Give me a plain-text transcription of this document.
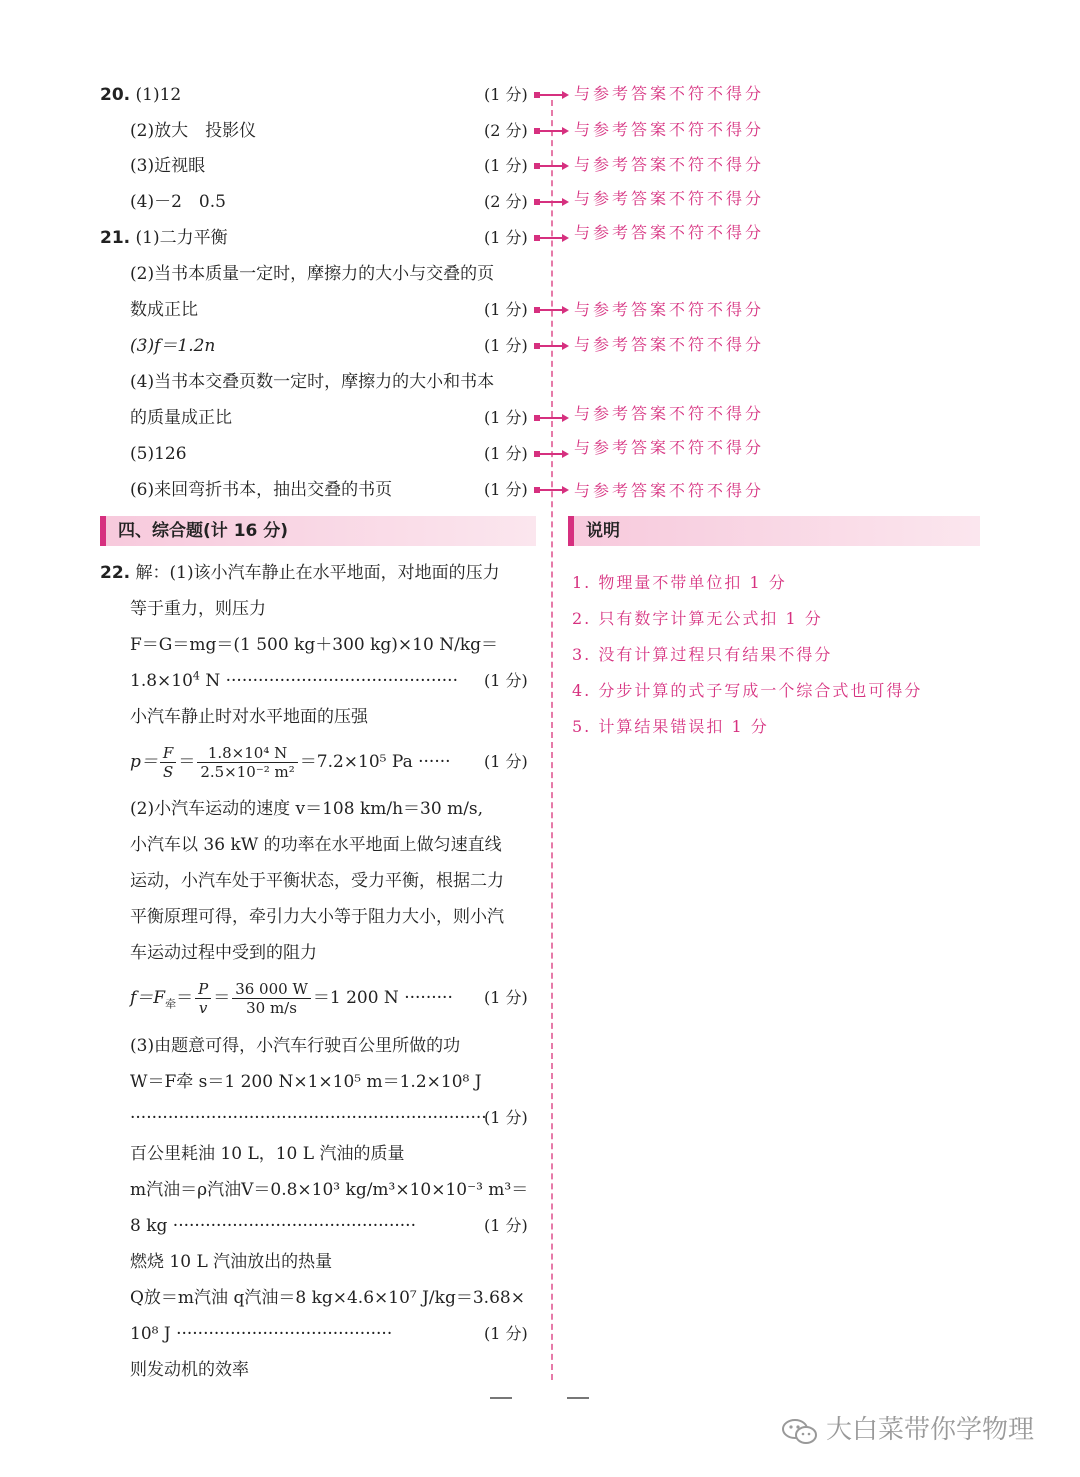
20. (1)12	(1 分)	与参考答案不符不得分
(2)放大　投影仪	(2 分)	与参考答案不符不得分
(3)近视眼	(1 分)	与参考答案不符不得分
(4)－2　0.5	(2 分)	与参考答案不符不得分
21. (1)二力平衡	(1 分)	与参考答案不符不得分
(2)当书本质量一定时，摩擦力的大小与交叠的页
数成正比	(1 分)	与参考答案不符不得分
(3)f＝1.2n	(1 分)	与参考答案不符不得分
(4)当书本交叠页数一定时，摩擦力的大小和书本
的质量成正比	(1 分)	与参考答案不符不得分
(5)126	(1 分)	与参考答案不符不得分
(6)来回弯折书本，抽出交叠的书页	(1 分)	与参考答案不符不得分
四、综合题(计 16 分)	说明
1. 物理量不带单位扣 1 分
2. 只有数字计算无公式扣 1 分
3. 没有计算过程只有结果不得分
4. 分步计算的式子写成一个综合式也可得分
5. 计算结果错误扣 1 分
22. 解：(1)该小汽车静止在水平地面，对地面的压力
等于重力，则压力
F＝G＝mg＝(1 500 kg＋300 kg)×10 N/kg＝
$1.8\times 10^4$ N ··········································· (1 分)
小汽车静止时对水平地面的压强
$p= \frac{F}{S} = \frac{\text{1.8×10⁴ N}}{\text{2.5×10⁻² m²}} =7.2\times 10^5$ Pa ······ (1 分)
(2)小汽车运动的速度 v＝108 km/h＝30 m/s,
小汽车以 36 kW 的功率在水平地面上做匀速直线
运动，小汽车处于平衡状态，受力平衡，根据二力
平衡原理可得，牵引力大小等于阻力大小，则小汽
车运动过程中受到的阻力
$f=F_牵= \frac{P}{v} = \frac{36 000 W}{30 m/s} =1$ 200 N ········· (1 分)
(3)由题意可得，小汽车行驶百公里所做的功
W＝F牵 s＝1 200 N×1×10⁵ m＝1.2×10⁸ J
··································································
(1 分)
百公里耗油 10 L，10 L 汽油的质量
m汽油＝ρ汽油V＝0.8×10³ kg/m³×10×10⁻³ m³＝
8 kg ·············································	(1 分)
燃烧 10 L 汽油放出的热量
Q放＝m汽油 q汽油＝8 kg×4.6×10⁷ J/kg＝3.68×
10⁸ J ········································	(1 分)
则发动机的效率
大白菜带你学物理
